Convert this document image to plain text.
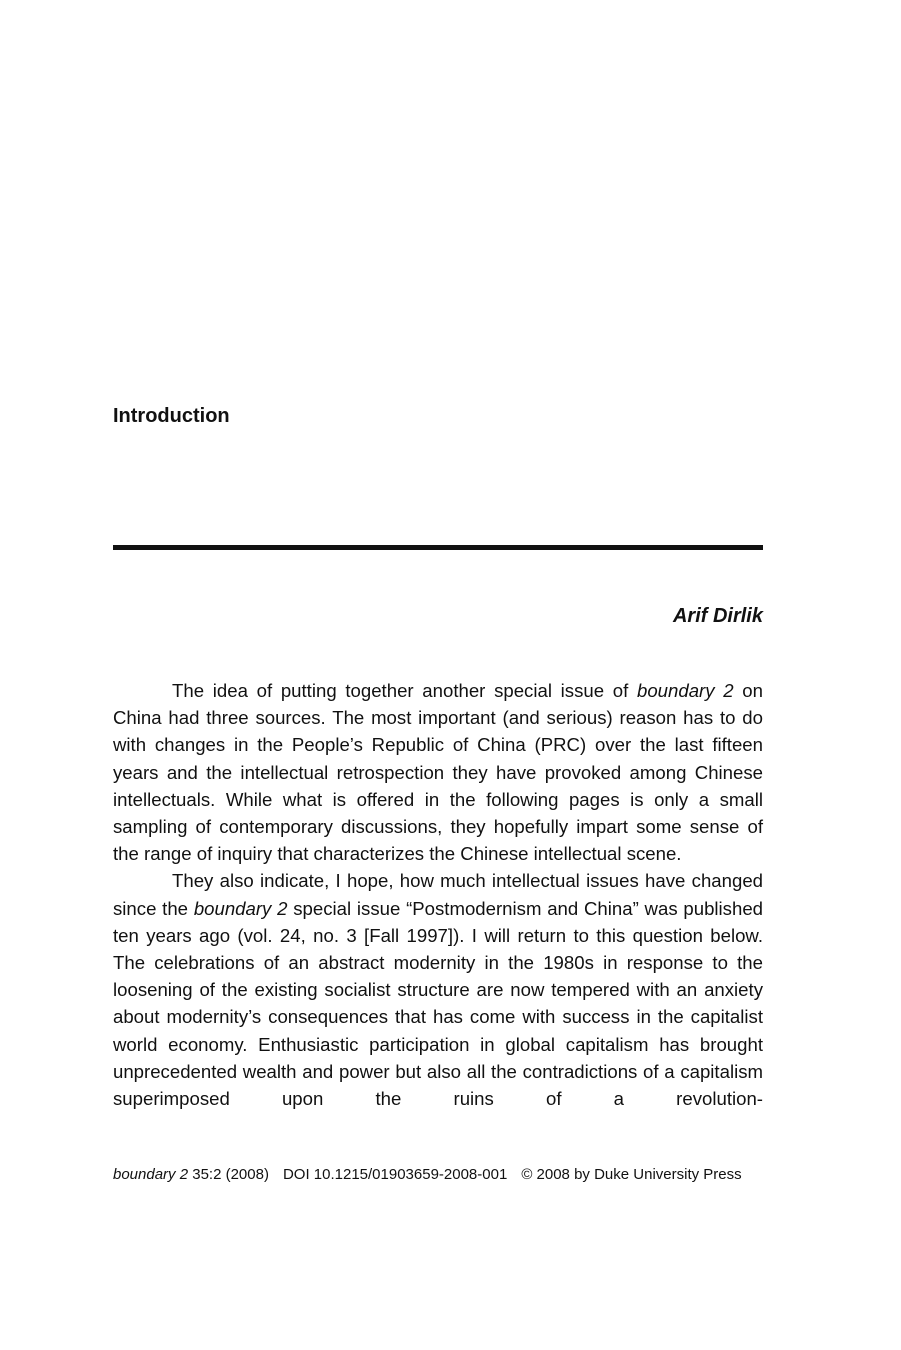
Introduction
Arif Dirlik

The idea of putting together another special issue of boundary 2 on China had three sources. The most important (and serious) reason has to do with changes in the People’s Republic of China (PRC) over the last fifteen years and the intellectual retrospection they have provoked among Chinese intellectuals. While what is offered in the following pages is only a small sampling of contemporary discussions, they hopefully impart some sense of the range of inquiry that characterizes the Chinese intellectual scene.

They also indicate, I hope, how much intellectual issues have changed since the boundary 2 special issue “Postmodernism and China” was published ten years ago (vol. 24, no. 3 [Fall 1997]). I will return to this question below. The celebrations of an abstract modernity in the 1980s in response to the loosening of the existing socialist structure are now tempered with an anxiety about modernity’s consequences that has come with success in the capitalist world economy. Enthusiastic participation in global capitalism has brought unprecedented wealth and power but also all the contradictions of a capitalism superimposed upon the ruins of a revolution-

boundary 2 35:2 (2008) DOI 10.1215/01903659-2008-001 © 2008 by Duke University Press
